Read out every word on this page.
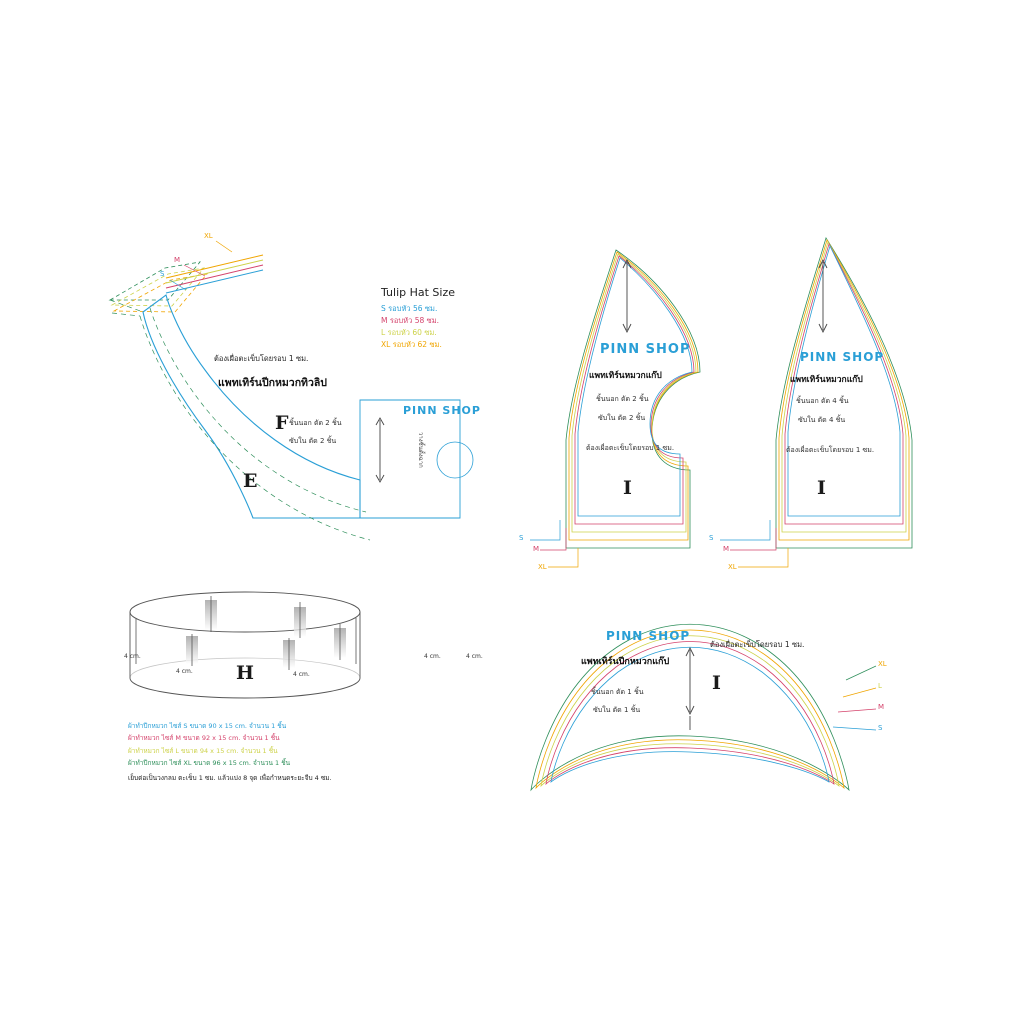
XL
M
S
ต้องเผื่อตะเข็บโดยรอบ 1 ซม.
แพทเทิร์นปีกหมวกทิวลิป
F
E
ชิ้นนอก ตัด 2 ชิ้น
ซับใน ตัด 2 ชิ้น
PINN SHOP
วางชิ้นตั้งฉาก
Tulip Hat Size
S รอบหัว 56 ซม.
M รอบหัว 58 ซม.
L รอบหัว 60 ซม.
XL รอบหัว 62 ซม.	PINN SHOP
แพทเทิร์นหมวกแก๊ป
ชิ้นนอก ตัด 2 ชิ้น
ซับใน ตัด 2 ชิ้น
ต้องเผื่อตะเข็บโดยรอบ 1 ซม.
I
S
M
XL
PINN SHOP
แพทเทิร์นหมวกแก๊ป
ชิ้นนอก ตัด 4 ชิ้น
ซับใน ตัด 4 ชิ้น
ต้องเผื่อตะเข็บโดยรอบ 1 ซม.
I
S
M
XL
PINN SHOP
แพทเทิร์นปีกหมวกแก๊ป
ชิ้นนอก ตัด 1 ชิ้น
ซับใน ตัด 1 ชิ้น
ต้องเผื่อตะเข็บโดยรอบ 1 ซม.
I
XL
L
M
S
4 cm.
4 cm.	4 cm.
4 cm.	4 cm.
H
ผ้าทำปีกหมวก ไซส์ S ขนาด 90 x 15 cm. จำนวน 1 ชิ้น
ผ้าทำหมวก ไซส์ M ขนาด 92 x 15 cm. จำนวน 1 ชิ้น
ผ้าทำหมวก ไซส์ L ขนาด 94 x 15 cm. จำนวน 1 ชิ้น
ผ้าทำปีกหมวก ไซส์ XL ขนาด 96 x 15 cm. จำนวน 1 ชิ้น
เย็บต่อเป็นวงกลม ตะเข็บ 1 ซม. แล้วแบ่ง 8 จุด เพื่อกำหนดระยะจีบ 4 ซม.
